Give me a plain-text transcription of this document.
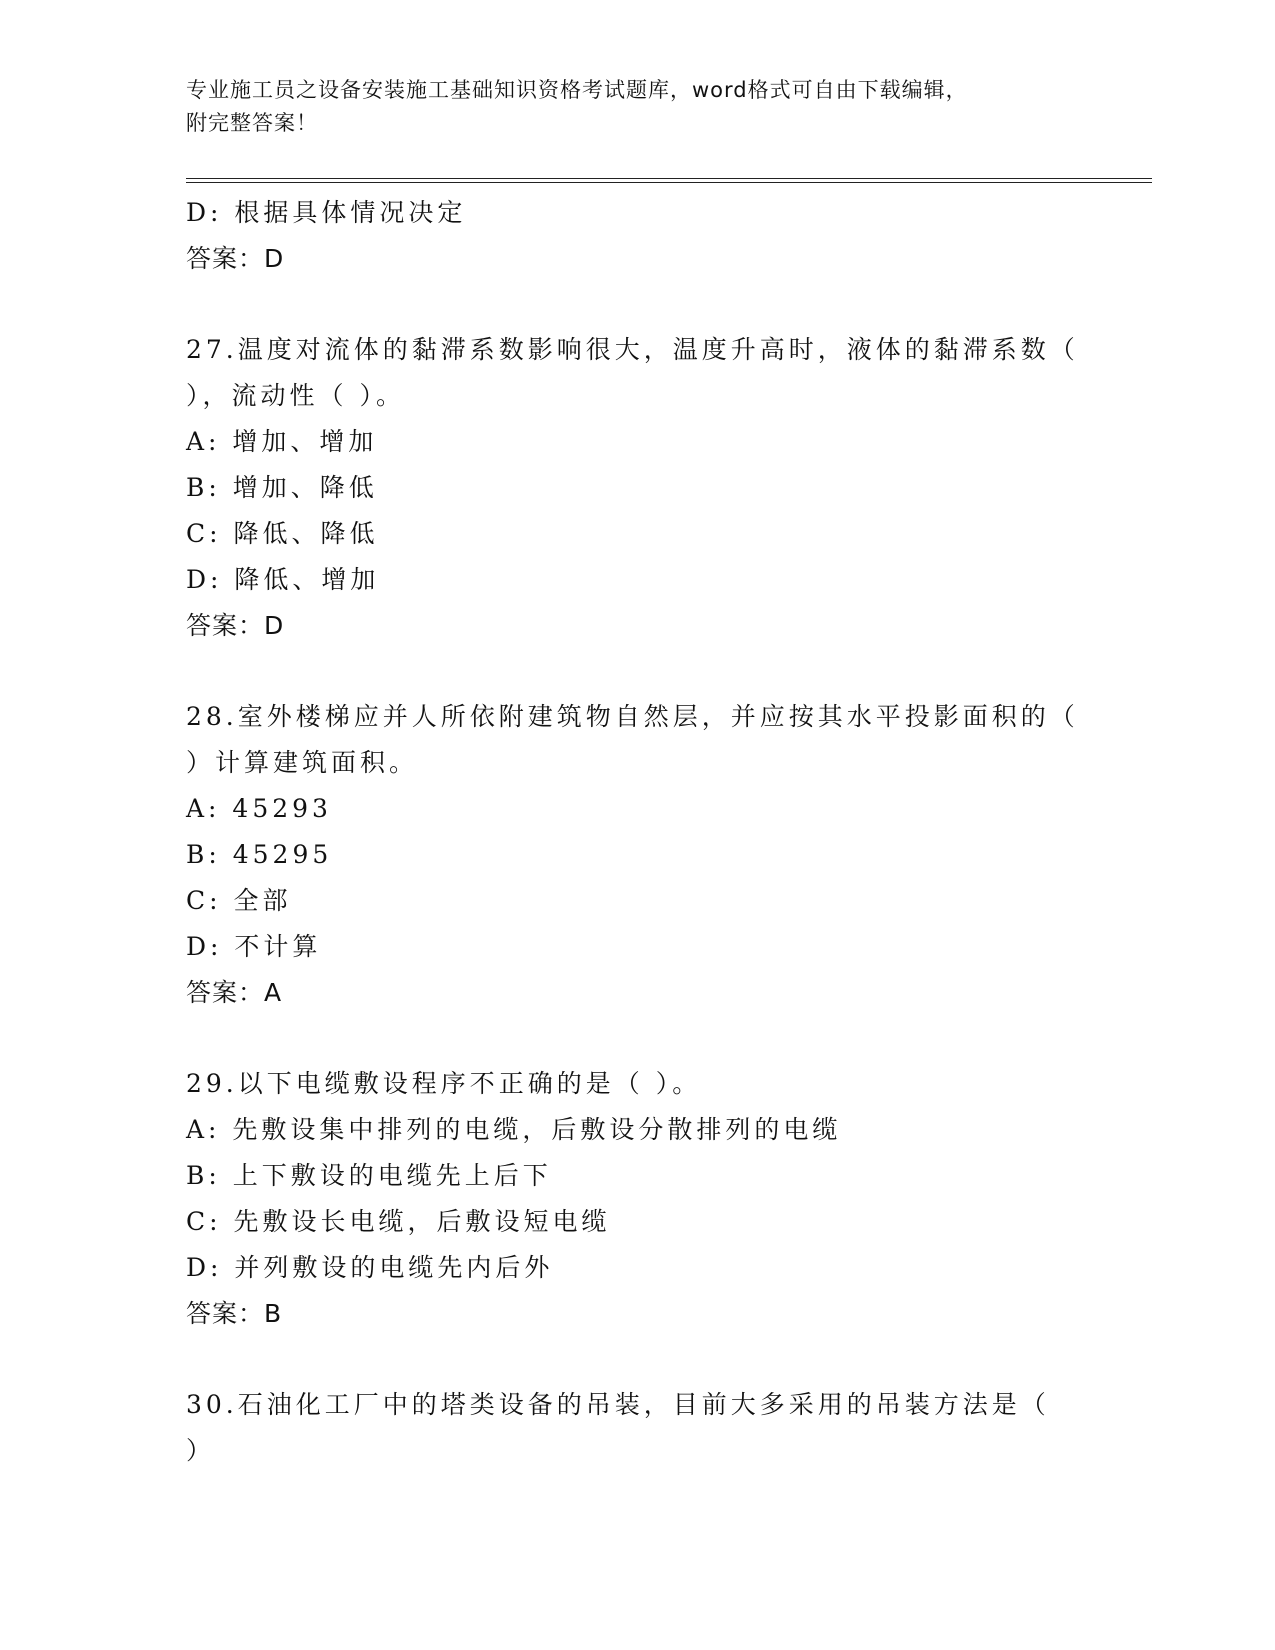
专业施工员之设备安装施工基础知识资格考试题库，word格式可自由下载编辑，
附完整答案！
D: 根据具体情况决定
答案：D
27.温度对流体的黏滞系数影响很大，温度升高时，液体的黏滞系数（
），流动性（ ）。
A: 增加、增加
B: 增加、降低
C: 降低、降低
D: 降低、增加
答案：D
28.室外楼梯应并人所依附建筑物自然层，并应按其水平投影面积的（
）计算建筑面积。
A: 45293
B: 45295
C: 全部
D: 不计算
答案：A
29.以下电缆敷设程序不正确的是（ ）。
A: 先敷设集中排列的电缆，后敷设分散排列的电缆
B: 上下敷设的电缆先上后下
C: 先敷设长电缆，后敷设短电缆
D: 并列敷设的电缆先内后外
答案：B
30.石油化工厂中的塔类设备的吊装，目前大多采用的吊装方法是（
）
